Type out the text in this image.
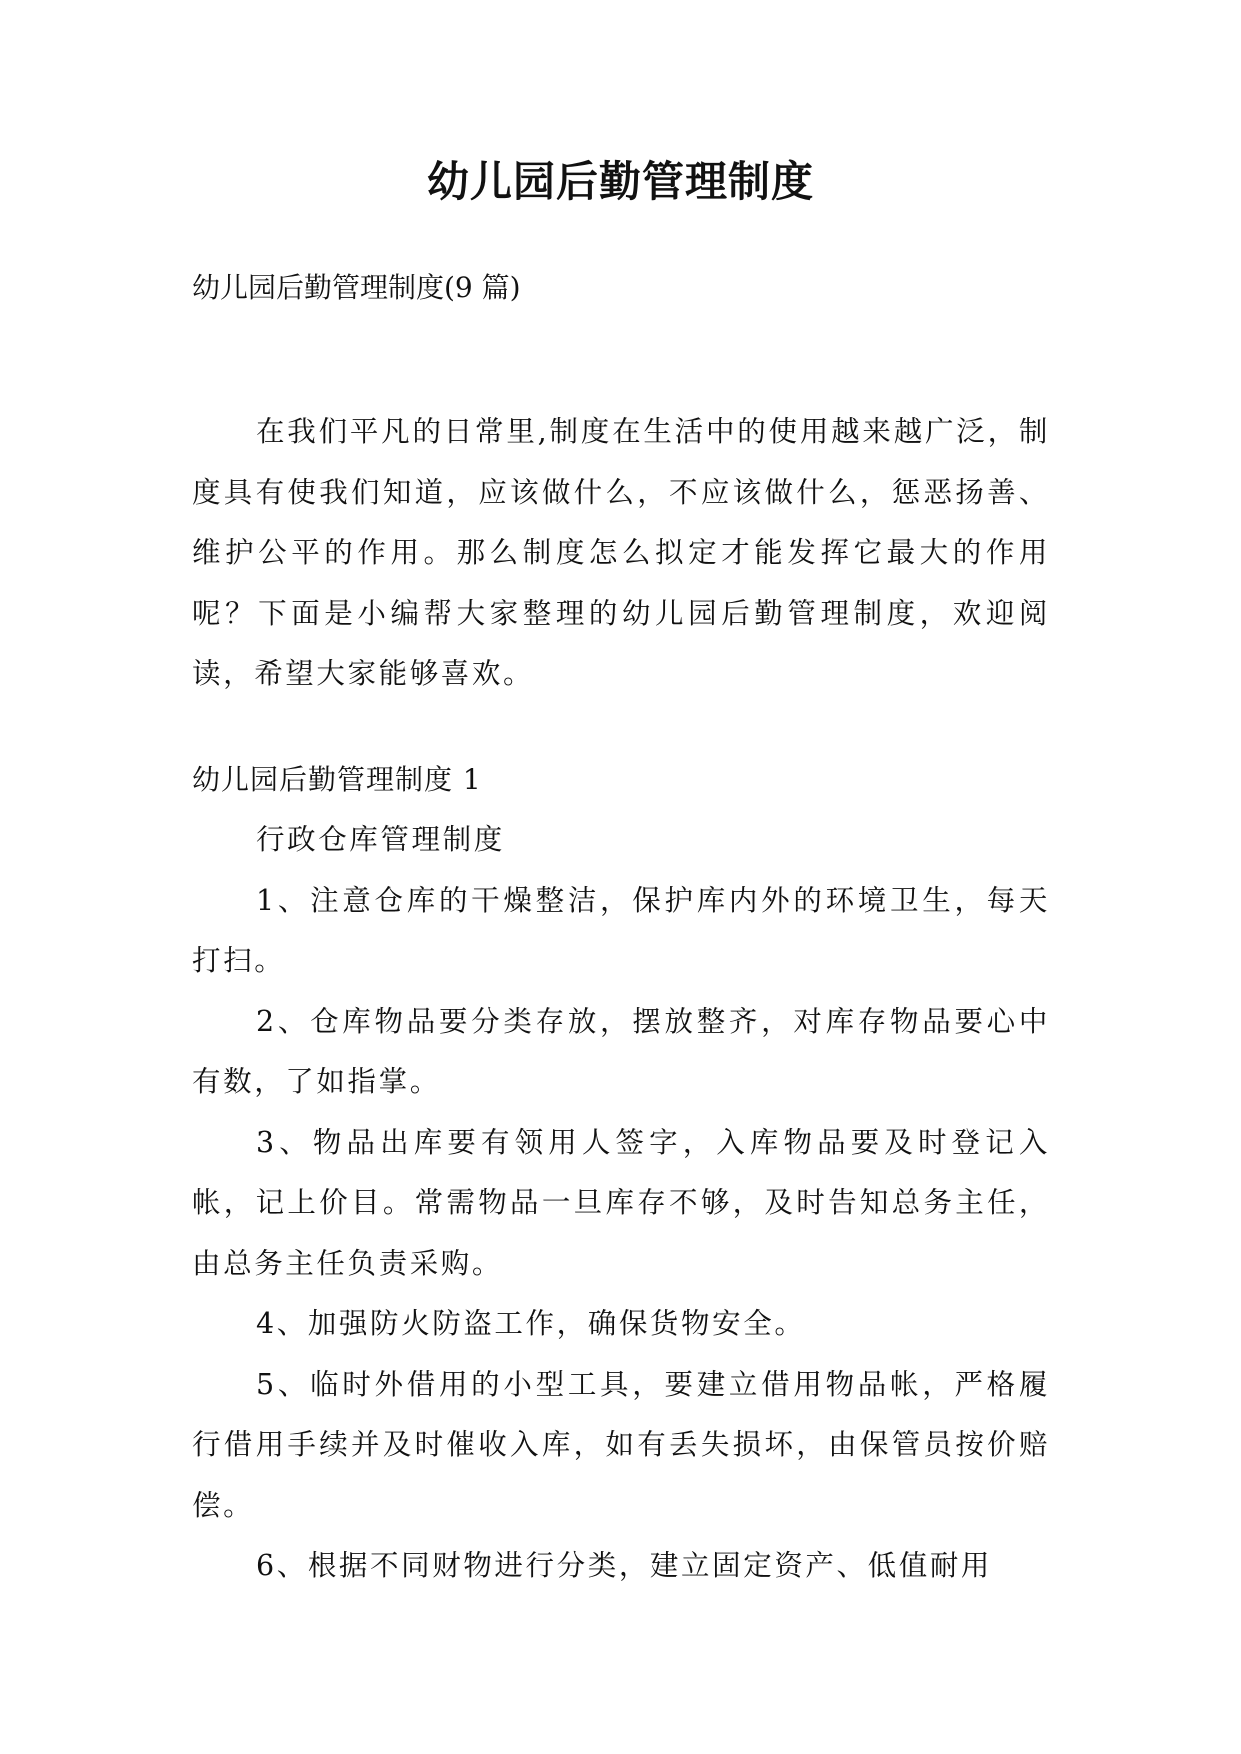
幼儿园后勤管理制度

幼儿园后勤管理制度(9 篇)

在我们平凡的日常里,制度在生活中的使用越来越广泛，制度具有使我们知道，应该做什么，不应该做什么，惩恶扬善、维护公平的作用。那么制度怎么拟定才能发挥它最大的作用呢？下面是小编帮大家整理的幼儿园后勤管理制度，欢迎阅读，希望大家能够喜欢。

幼儿园后勤管理制度 1

行政仓库管理制度

1、注意仓库的干燥整洁，保护库内外的环境卫生，每天打扫。

2、仓库物品要分类存放，摆放整齐，对库存物品要心中有数，了如指掌。

3、物品出库要有领用人签字，入库物品要及时登记入帐，记上价目。常需物品一旦库存不够，及时告知总务主任，由总务主任负责采购。

4、加强防火防盗工作，确保货物安全。

5、临时外借用的小型工具，要建立借用物品帐，严格履行借用手续并及时催收入库，如有丢失损坏，由保管员按价赔偿。

6、根据不同财物进行分类，建立固定资产、低值耐用
